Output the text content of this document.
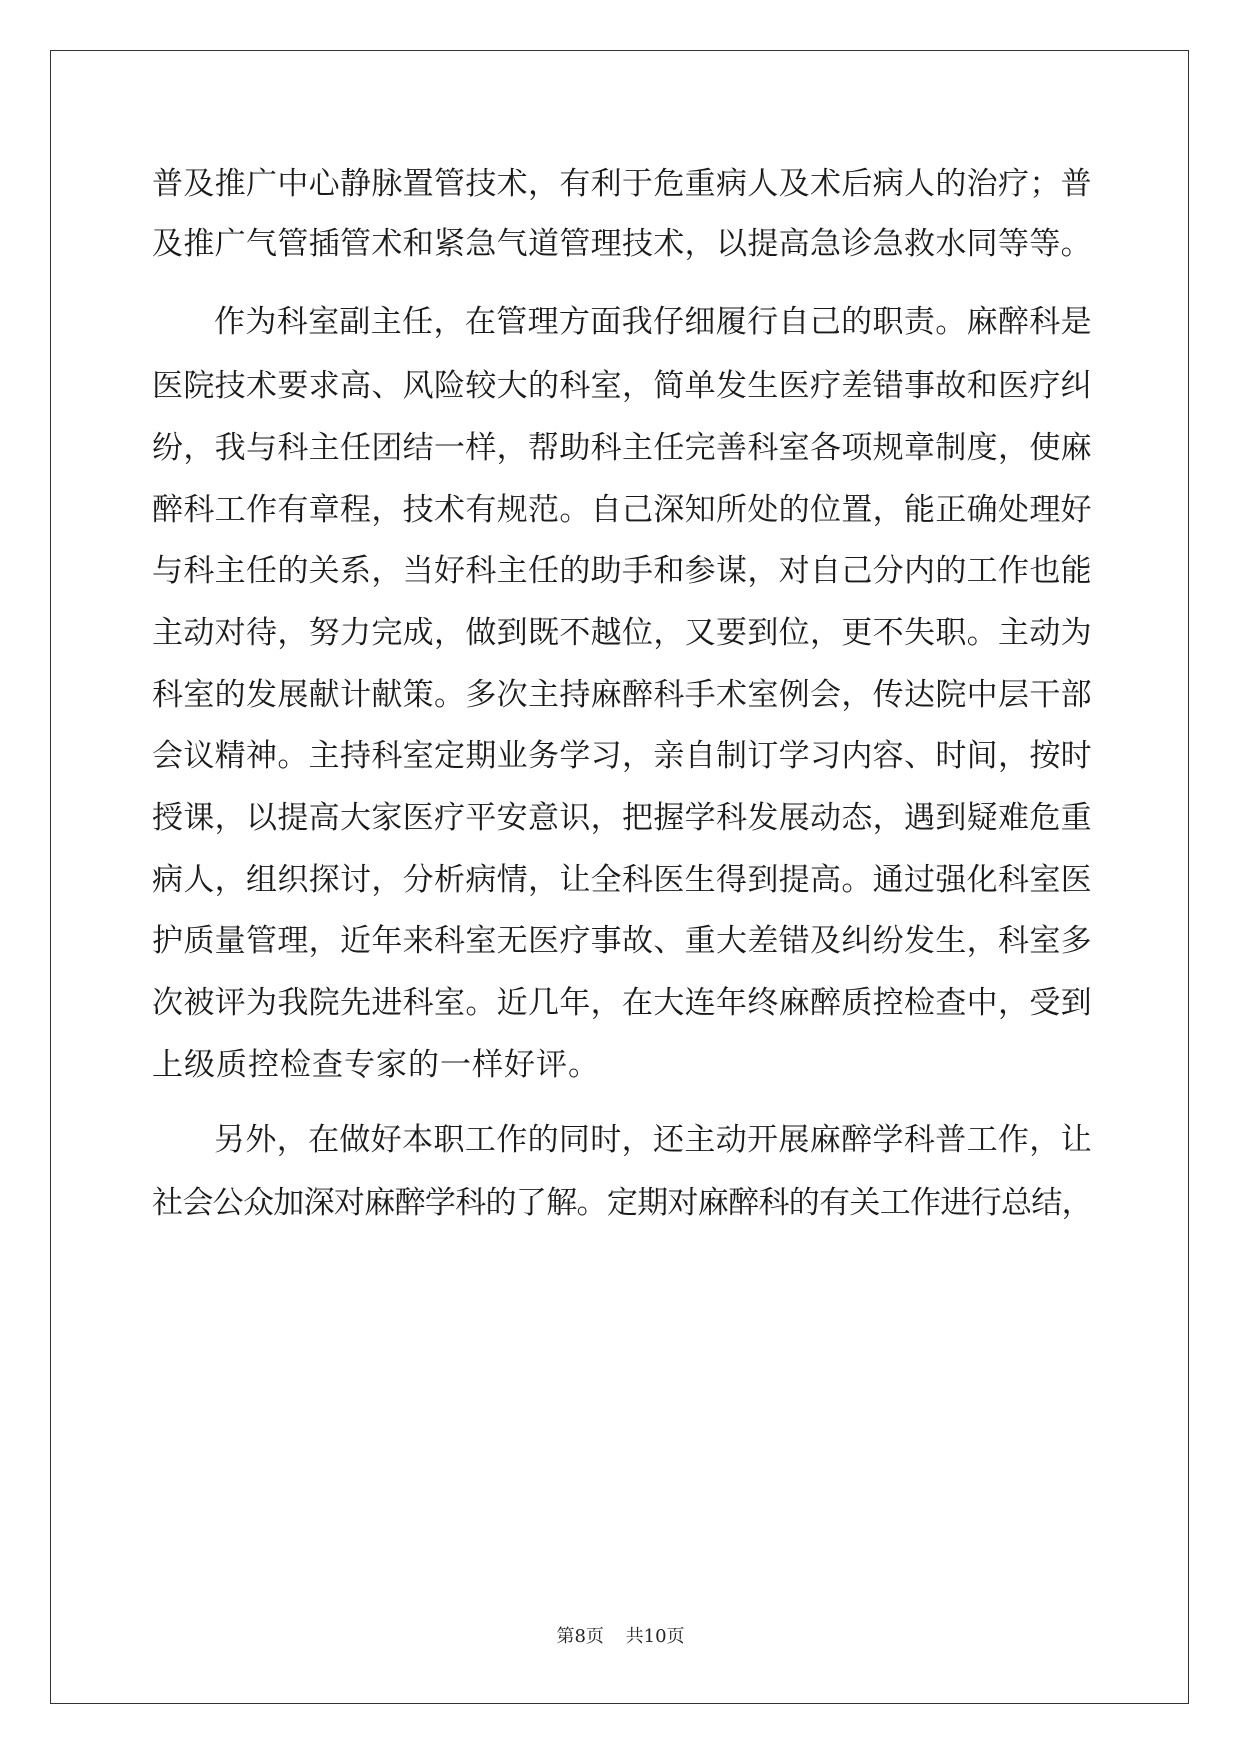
普及推广中心静脉置管技术，有利于危重病人及术后病人的治疗；普
及推广气管插管术和紧急气道管理技术，以提高急诊急救水同等等。
作为科室副主任，在管理方面我仔细履行自己的职责。麻醉科是
医院技术要求高、风险较大的科室，简单发生医疗差错事故和医疗纠
纷，我与科主任团结一样，帮助科主任完善科室各项规章制度，使麻
醉科工作有章程，技术有规范。自己深知所处的位置，能正确处理好
与科主任的关系，当好科主任的助手和参谋，对自己分内的工作也能
主动对待，努力完成，做到既不越位，又要到位，更不失职。主动为
科室的发展献计献策。多次主持麻醉科手术室例会，传达院中层干部
会议精神。主持科室定期业务学习，亲自制订学习内容、时间，按时
授课，以提高大家医疗平安意识，把握学科发展动态，遇到疑难危重
病人，组织探讨，分析病情，让全科医生得到提高。通过强化科室医
护质量管理，近年来科室无医疗事故、重大差错及纠纷发生，科室多
次被评为我院先进科室。近几年，在大连年终麻醉质控检查中，受到
上级质控检查专家的一样好评。
另外，在做好本职工作的同时，还主动开展麻醉学科普工作，让
社会公众加深对麻醉学科的了解。定期对麻醉科的有关工作进行总结，
第8页 共10页
